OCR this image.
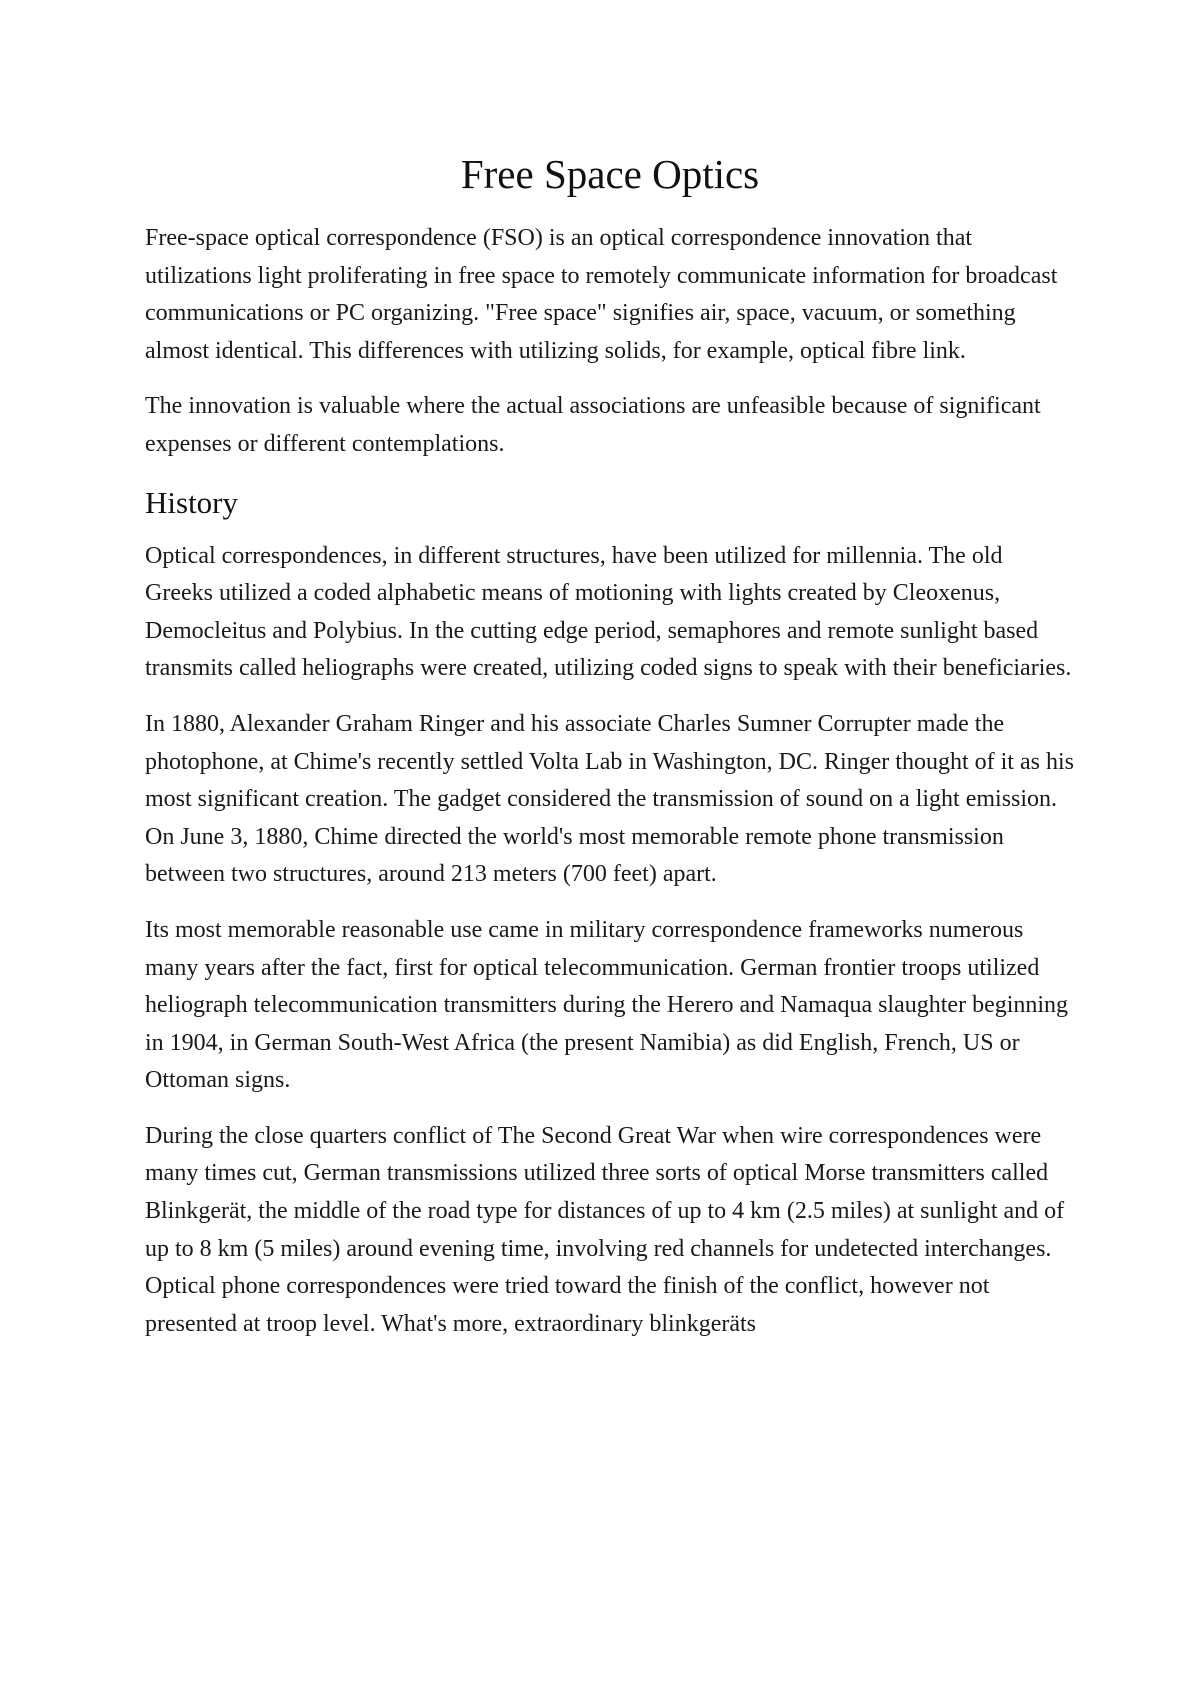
Free Space Optics

Free-space optical correspondence (FSO) is an optical correspondence innovation that utilizations light proliferating in free space to remotely communicate information for broadcast communications or PC organizing. "Free space" signifies air, space, vacuum, or something almost identical. This differences with utilizing solids, for example, optical fibre link.

The innovation is valuable where the actual associations are unfeasible because of significant expenses or different contemplations.

History

Optical correspondences, in different structures, have been utilized for millennia. The old Greeks utilized a coded alphabetic means of motioning with lights created by Cleoxenus, Democleitus and Polybius. In the cutting edge period, semaphores and remote sunlight based transmits called heliographs were created, utilizing coded signs to speak with their beneficiaries.

In 1880, Alexander Graham Ringer and his associate Charles Sumner Corrupter made the photophone, at Chime's recently settled Volta Lab in Washington, DC. Ringer thought of it as his most significant creation. The gadget considered the transmission of sound on a light emission. On June 3, 1880, Chime directed the world's most memorable remote phone transmission between two structures, around 213 meters (700 feet) apart.

Its most memorable reasonable use came in military correspondence frameworks numerous many years after the fact, first for optical telecommunication. German frontier troops utilized heliograph telecommunication transmitters during the Herero and Namaqua slaughter beginning in 1904, in German South-West Africa (the present Namibia) as did English, French, US or Ottoman signs.

During the close quarters conflict of The Second Great War when wire correspondences were many times cut, German transmissions utilized three sorts of optical Morse transmitters called Blinkgerät, the middle of the road type for distances of up to 4 km (2.5 miles) at sunlight and of up to 8 km (5 miles) around evening time, involving red channels for undetected interchanges. Optical phone correspondences were tried toward the finish of the conflict, however not presented at troop level. What's more, extraordinary blinkgeräts
